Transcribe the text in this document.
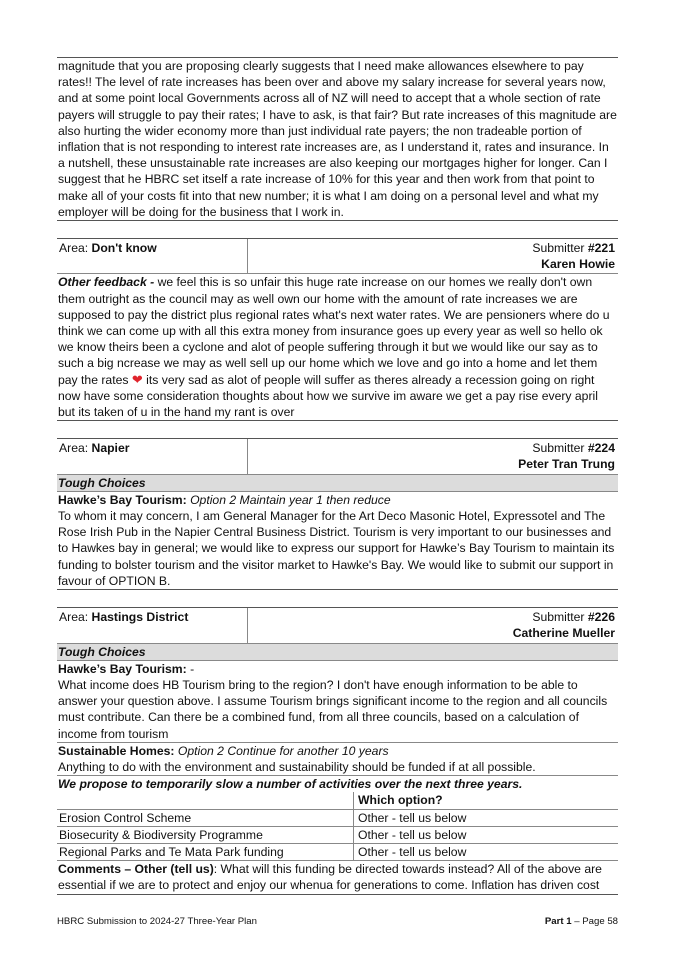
magnitude that you are proposing clearly suggests that I need make allowances elsewhere to pay rates!! The level of rate increases has been over and above my salary increase for several years now, and at some point local Governments across all of NZ will need to accept that a whole section of rate payers will struggle to pay their rates; I have to ask, is that fair? But rate increases of this magnitude are also hurting the wider economy more than just individual rate payers; the non tradeable portion of inflation that is not responding to interest rate increases are, as I understand it, rates and insurance. In a nutshell, these unsustainable rate increases are also keeping our mortgages higher for longer. Can I suggest that he HBRC set itself a rate increase of 10% for this year and then work from that point to make all of your costs fit into that new number; it is what I am doing on a personal level and what my employer will be doing for the business that I work in.

Area: Don't know	Submitter #221
Karen Howie

Other feedback - we feel this is so unfair this huge rate increase on our homes we really don't own them outright as the council may as well own our home with the amount of rate increases we are supposed to pay the district plus regional rates what's next water rates. We are pensioners where do u think we can come up with all this extra money from insurance goes up every year as well so hello ok we know theirs been a cyclone and alot of people suffering through it but we would like our say as to such a big ncrease we may as well sell up our home which we love and go into a home and let them pay the rates ❤ its very sad as alot of people will suffer as theres already a recession going on right now have some consideration thoughts about how we survive im aware we get a pay rise every april but its taken of u in the hand my rant is over

Area: Napier	Submitter #224
Peter Tran Trung

Tough Choices

Hawke’s Bay Tourism: Option 2 Maintain year 1 then reduce

To whom it may concern, I am General Manager for the Art Deco Masonic Hotel, Expressotel and The Rose Irish Pub in the Napier Central Business District. Tourism is very important to our businesses and to Hawkes bay in general; we would like to express our support for Hawke’s Bay Tourism to maintain its funding to bolster tourism and the visitor market to Hawke's Bay. We would like to submit our support in favour of OPTION B.

Area: Hastings District	Submitter #226
Catherine Mueller

Tough Choices

Hawke’s Bay Tourism: -

What income does HB Tourism bring to the region? I don't have enough information to be able to answer your question above. I assume Tourism brings significant income to the region and all councils must contribute. Can there be a combined fund, from all three councils, based on a calculation of income from tourism

Sustainable Homes: Option 2 Continue for another 10 years

Anything to do with the environment and sustainability should be funded if at all possible.

We propose to temporarily slow a number of activities over the next three years.

	Which option?
Erosion Control Scheme	Other - tell us below
Biosecurity & Biodiversity Programme	Other - tell us below
Regional Parks and Te Mata Park funding	Other - tell us below

Comments – Other (tell us): What will this funding be directed towards instead? All of the above are essential if we are to protect and enjoy our whenua for generations to come. Inflation has driven cost

HBRC Submission to 2024-27 Three-Year Plan	Part 1 – Page 58
